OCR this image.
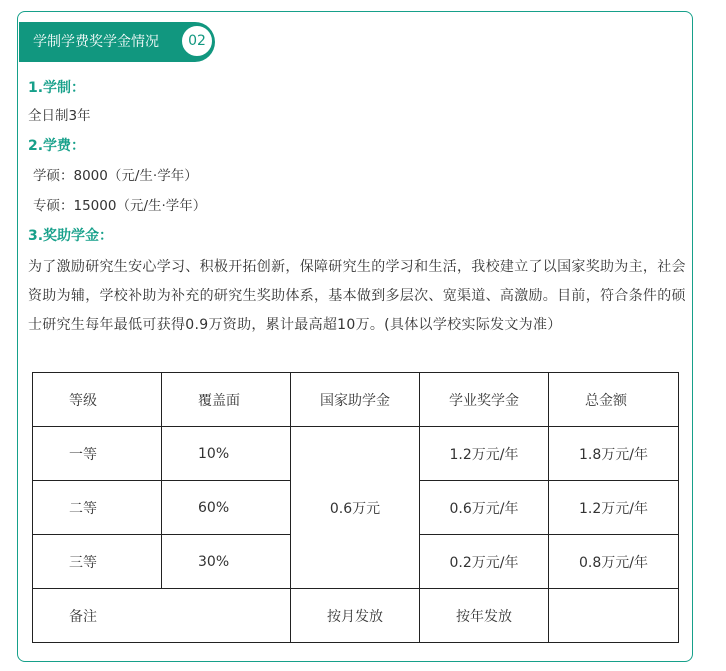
学制学费奖学金情况	02
1.学制：
全日制3年
2.学费：
学硕：8000（元/生·学年）
专硕：15000（元/生·学年）
3.奖助学金：
为了激励研究生安心学习、积极开拓创新，保障研究生的学习和生活，我校建立了以国家奖助为主，社会资助为辅，学校补助为补充的研究生奖助体系，基本做到多层次、宽渠道、高激励。目前，符合条件的硕士研究生每年最低可获得0.9万资助，累计最高超10万。(具体以学校实际发文为准）
等级	覆盖面	国家助学金	学业奖学金	总金额
一等	10%	0.6万元	1.2万元/年	1.8万元/年
二等	60%		0.6万元/年	1.2万元/年
三等	30%		0.2万元/年	0.8万元/年
备注		按月发放	按年发放	
